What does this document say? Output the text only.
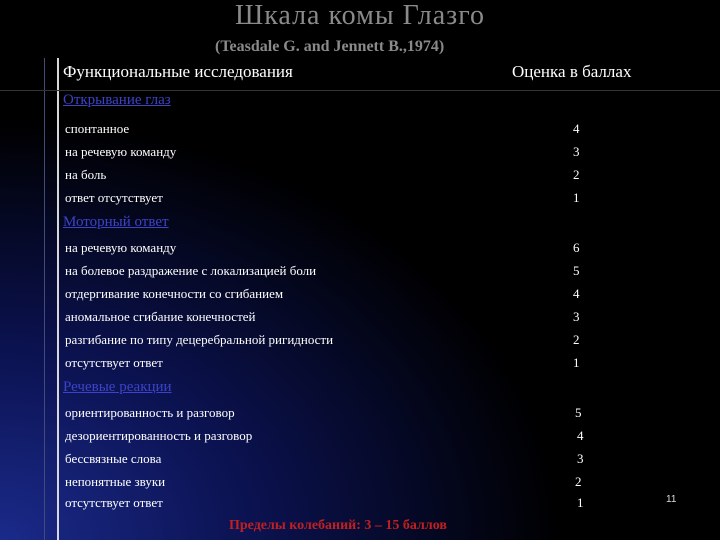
Шкала комы Глазго
(Teasdale G. and Jennett B.,1974)
Функциональные исследования	Оценка в баллах
Открывание глаз
спонтанное	4
на речевую команду	3
на боль	2
ответ отсутствует	1
Моторный ответ
на речевую команду	6
на болевое раздражение с локализацией боли	5
отдергивание конечности со сгибанием	4
аномальное сгибание конечностей	3
разгибание по типу децеребральной ригидности	2
отсутствует ответ	1
Речевые реакции
ориентированность и разговор	5
дезориентированность и разговор	4
бессвязные слова	3
непонятные звуки	2
отсутствует ответ	1	11
Пределы колебаний: 3 – 15 баллов
